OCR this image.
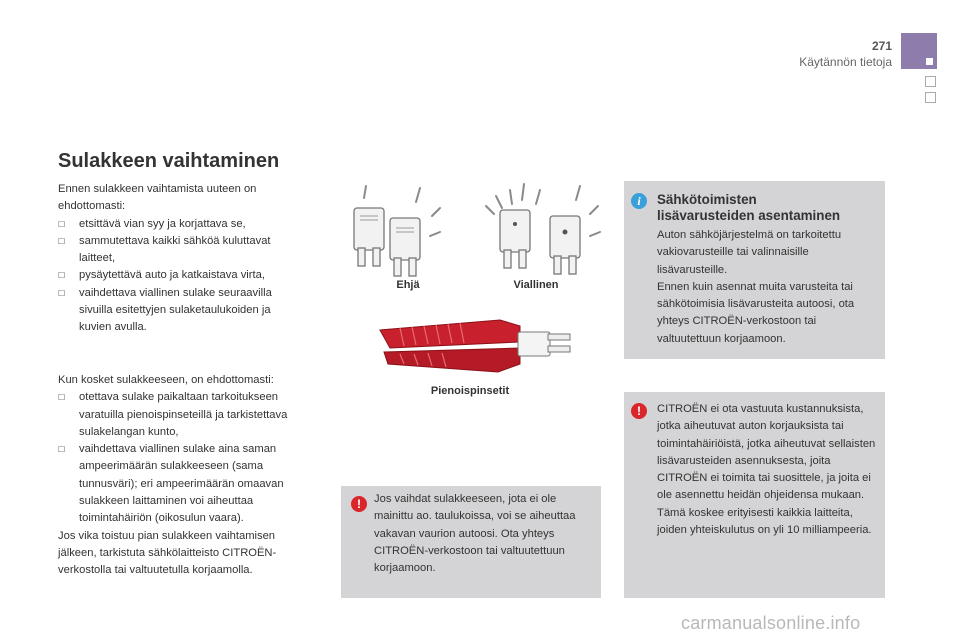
271
Käytännön tietoja
Sulakkeen vaihtaminen
Ennen sulakkeen vaihtamista uuteen on ehdottomasti:
☐ etsittävä vian syy ja korjattava se,
☐ sammutettava kaikki sähköä kuluttavat laitteet,
☐ pysäytettävä auto ja katkaistava virta,
☐ vaihdettava viallinen sulake seuraavilla sivuilla esitettyjen sulaketaulukoiden ja kuvien avulla.
Kun kosket sulakkeeseen, on ehdottomasti:
☐ otettava sulake paikaltaan tarkoitukseen varatuilla pienoispinseteillä ja tarkistettava sulakelangan kunto,
☐ vaihdettava viallinen sulake aina saman ampeerimäärän sulakkeeseen (sama tunnusväri); eri ampeerimäärän omaavan sulakkeen laittaminen voi aiheuttaa toimintahäiriön (oikosulun vaara).
Jos vika toistuu pian sulakkeen vaihtamisen jälkeen, tarkistuta sähkölaitteisto CITROËN-verkostolla tai valtuutetulla korjaamolla.
Ehjä	Viallinen
Pienoispinsetit
!	Jos vaihdat sulakkeeseen, jota ei ole mainittu ao. taulukoissa, voi se aiheuttaa vakavan vaurion autoosi. Ota yhteys CITROËN-verkostoon tai valtuutettuun korjaamoon.
i	Sähkötoimisten
lisävarusteiden asentaminen
Auton sähköjärjestelmä on tarkoitettu vakiovarusteille tai valinnaisille lisävarusteille.
Ennen kuin asennat muita varusteita tai sähkötoimisia lisävarusteita autoosi, ota yhteys CITROËN-verkostoon tai valtuutettuun korjaamoon.
!	CITROËN ei ota vastuuta kustannuksista, jotka aiheutuvat auton korjauksista tai toimintahäiriöistä, jotka aiheutuvat sellaisten lisävarusteiden asennuksesta, joita CITROËN ei toimita tai suosittele, ja joita ei ole asennettu heidän ohjeidensa mukaan. Tämä koskee erityisesti kaikkia laitteita, joiden yhteiskulutus on yli 10 milliampeeria.
carmanualsonline.info
